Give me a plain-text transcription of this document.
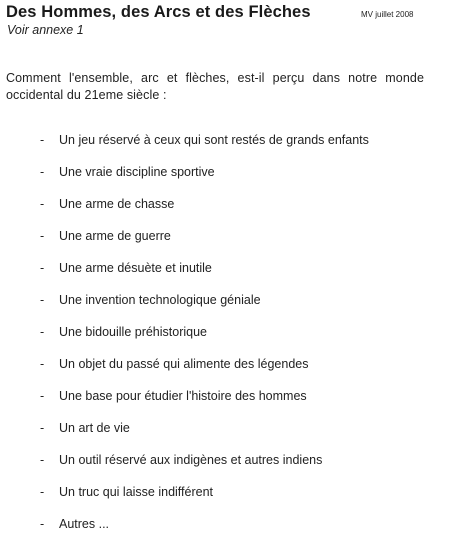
Des Hommes, des Arcs et des Flèches	MV juillet 2008
Voir annexe 1
Comment l'ensemble, arc et flèches, est-il perçu dans notre monde occidental du 21eme siècle :
- Un jeu réservé à ceux qui sont restés de grands enfants
- Une vraie discipline sportive
- Une arme de chasse
- Une arme de guerre
- Une arme désuète et inutile
- Une invention technologique géniale
- Une bidouille préhistorique
- Un objet du passé qui alimente des légendes
- Une base pour étudier l'histoire des hommes
- Un art de vie
- Un outil réservé aux indigènes et autres indiens
- Un truc qui laisse indifférent
- Autres ...
